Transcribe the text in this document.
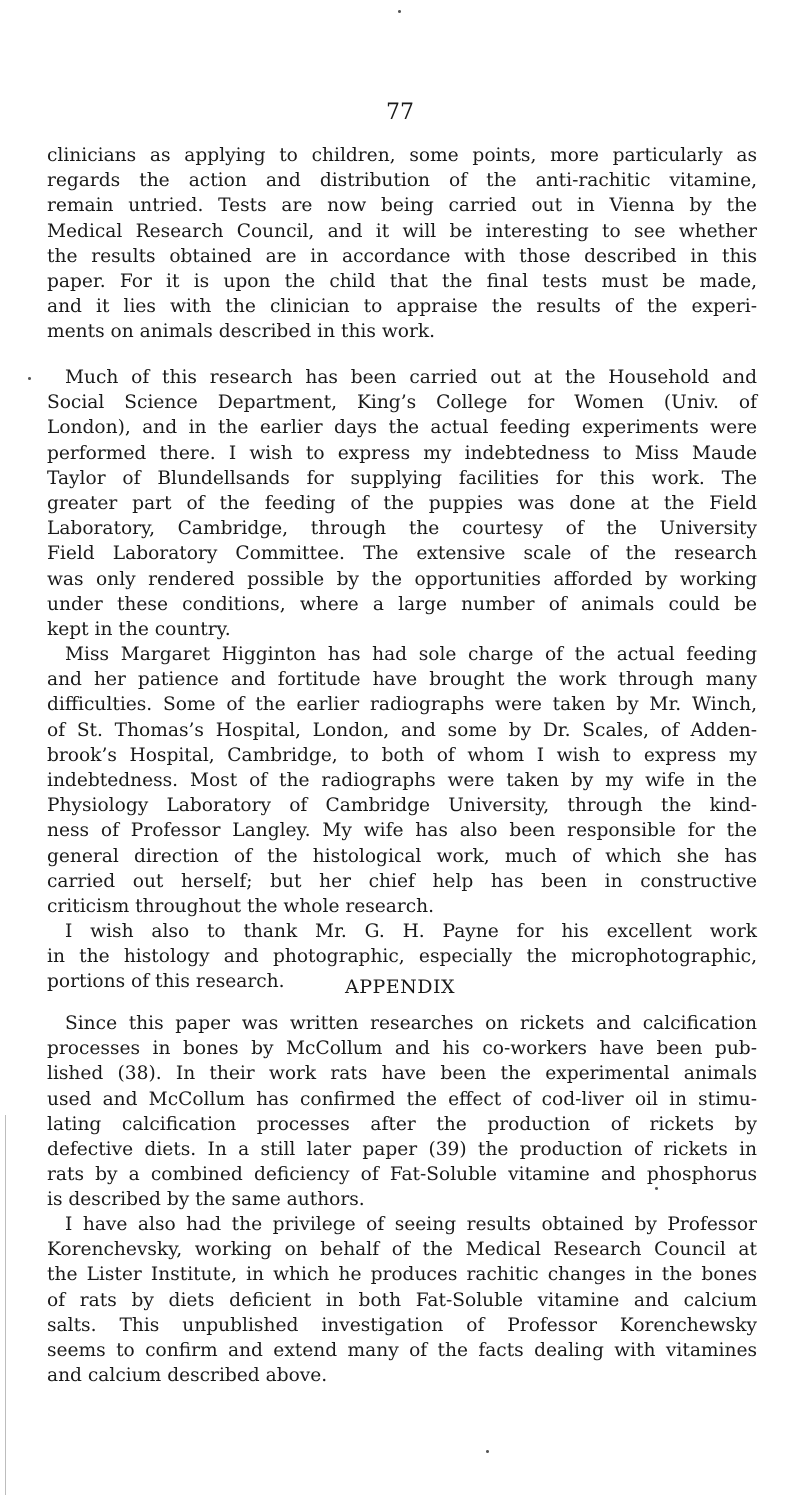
77
clinicians as applying to children, some points, more particularly as
regards the action and distribution of the anti-rachitic vitamine,
remain untried. Tests are now being carried out in Vienna by the
Medical Research Council, and it will be interesting to see whether
the results obtained are in accordance with those described in this
paper. For it is upon the child that the final tests must be made,
and it lies with the clinician to appraise the results of the experi-
ments on animals described in this work.
Much of this research has been carried out at the Household and
Social Science Department, King’s College for Women (Univ. of
London), and in the earlier days the actual feeding experiments were
performed there. I wish to express my indebtedness to Miss Maude
Taylor of Blundellsands for supplying facilities for this work. The
greater part of the feeding of the puppies was done at the Field
Laboratory, Cambridge, through the courtesy of the University
Field Laboratory Committee. The extensive scale of the research
was only rendered possible by the opportunities afforded by working
under these conditions, where a large number of animals could be
kept in the country.
Miss Margaret Higginton has had sole charge of the actual feeding
and her patience and fortitude have brought the work through many
difficulties. Some of the earlier radiographs were taken by Mr. Winch,
of St. Thomas’s Hospital, London, and some by Dr. Scales, of Adden-
brook’s Hospital, Cambridge, to both of whom I wish to express my
indebtedness. Most of the radiographs were taken by my wife in the
Physiology Laboratory of Cambridge University, through the kind-
ness of Professor Langley. My wife has also been responsible for the
general direction of the histological work, much of which she has
carried out herself; but her chief help has been in constructive
criticism throughout the whole research.
I wish also to thank Mr. G. H. Payne for his excellent work
in the histology and photographic, especially the microphotographic,
portions of this research.	APPENDIX
Since this paper was written researches on rickets and calcification
processes in bones by McCollum and his co-workers have been pub-
lished (38). In their work rats have been the experimental animals
used and McCollum has confirmed the effect of cod-liver oil in stimu-
lating calcification processes after the production of rickets by
defective diets. In a still later paper (39) the production of rickets in
rats by a combined deficiency of Fat-Soluble vitamine and phosphorus
is described by the same authors.
I have also had the privilege of seeing results obtained by Professor
Korenchevsky, working on behalf of the Medical Research Council at
the Lister Institute, in which he produces rachitic changes in the bones
of rats by diets deficient in both Fat-Soluble vitamine and calcium
salts. This unpublished investigation of Professor Korenchewsky
seems to confirm and extend many of the facts dealing with vitamines
and calcium described above.
